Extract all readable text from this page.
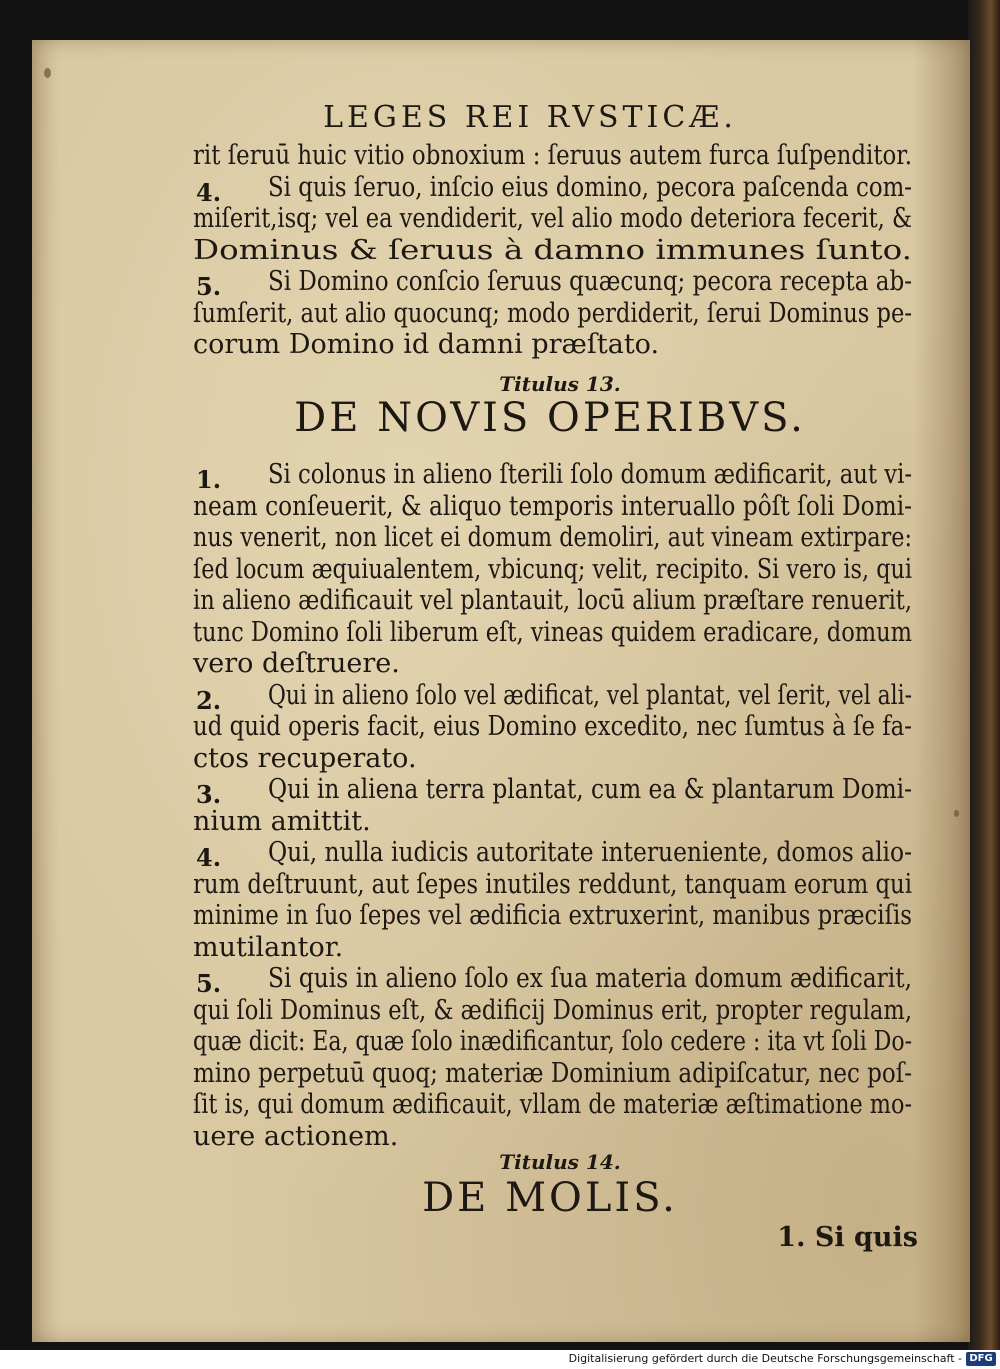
LEGES REI RVSTICÆ.
rit ſeruū huic vitio obnoxium : ſeruus autem furca ſuſpenditor.
4. Si quis ſeruo, inſcio eius domino, pecora paſcenda com-
miſerit,isq; vel ea vendiderit, vel alio modo deteriora fecerit, &
Dominus & ſeruus à damno immunes ſunto.
5. Si Domino conſcio ſeruus quæcunq; pecora recepta ab-
ſumſerit, aut alio quocunq; modo perdiderit, ſerui Dominus pe-
corum Domino id damni præſtato.
Titulus 13.
DE NOVIS OPERIBVS.
1. Si colonus in alieno ſterili ſolo domum ædificarit, aut vi-
neam conſeuerit, & aliquo temporis interuallo pôſt ſoli Domi-
nus venerit, non licet ei domum demoliri, aut vineam extirpare:
ſed locum æquiualentem, vbicunq; velit, recipito. Si vero is, qui
in alieno ædificauit vel plantauit, locū alium præſtare renuerit,
tunc Domino ſoli liberum eſt, vineas quidem eradicare, domum
vero deſtruere.
2. Qui in alieno ſolo vel ædificat, vel plantat, vel ſerit, vel ali-
ud quid operis facit, eius Domino excedito, nec ſumtus à ſe fa-
ctos recuperato.
3. Qui in aliena terra plantat, cum ea & plantarum Domi-
nium amittit.
4. Qui, nulla iudicis autoritate interueniente, domos alio-
rum deſtruunt, aut ſepes inutiles reddunt, tanquam eorum qui
minime in ſuo ſepes vel ædificia extruxerint, manibus præciſis
mutilantor.
5. Si quis in alieno ſolo ex ſua materia domum ædificarit,
qui ſoli Dominus eſt, & ædificij Dominus erit, propter regulam,
quæ dicit: Ea, quæ ſolo inædificantur, ſolo cedere : ita vt ſoli Do-
mino perpetuū quoq; materiæ Dominium adipiſcatur, nec poſ-
ſit is, qui domum ædificauit, vllam de materiæ æſtimatione mo-
uere actionem.
Titulus 14.
DE MOLIS.
1. Si quis
Digitalisierung gefördert durch die Deutsche Forschungsgemeinschaft - DFG
